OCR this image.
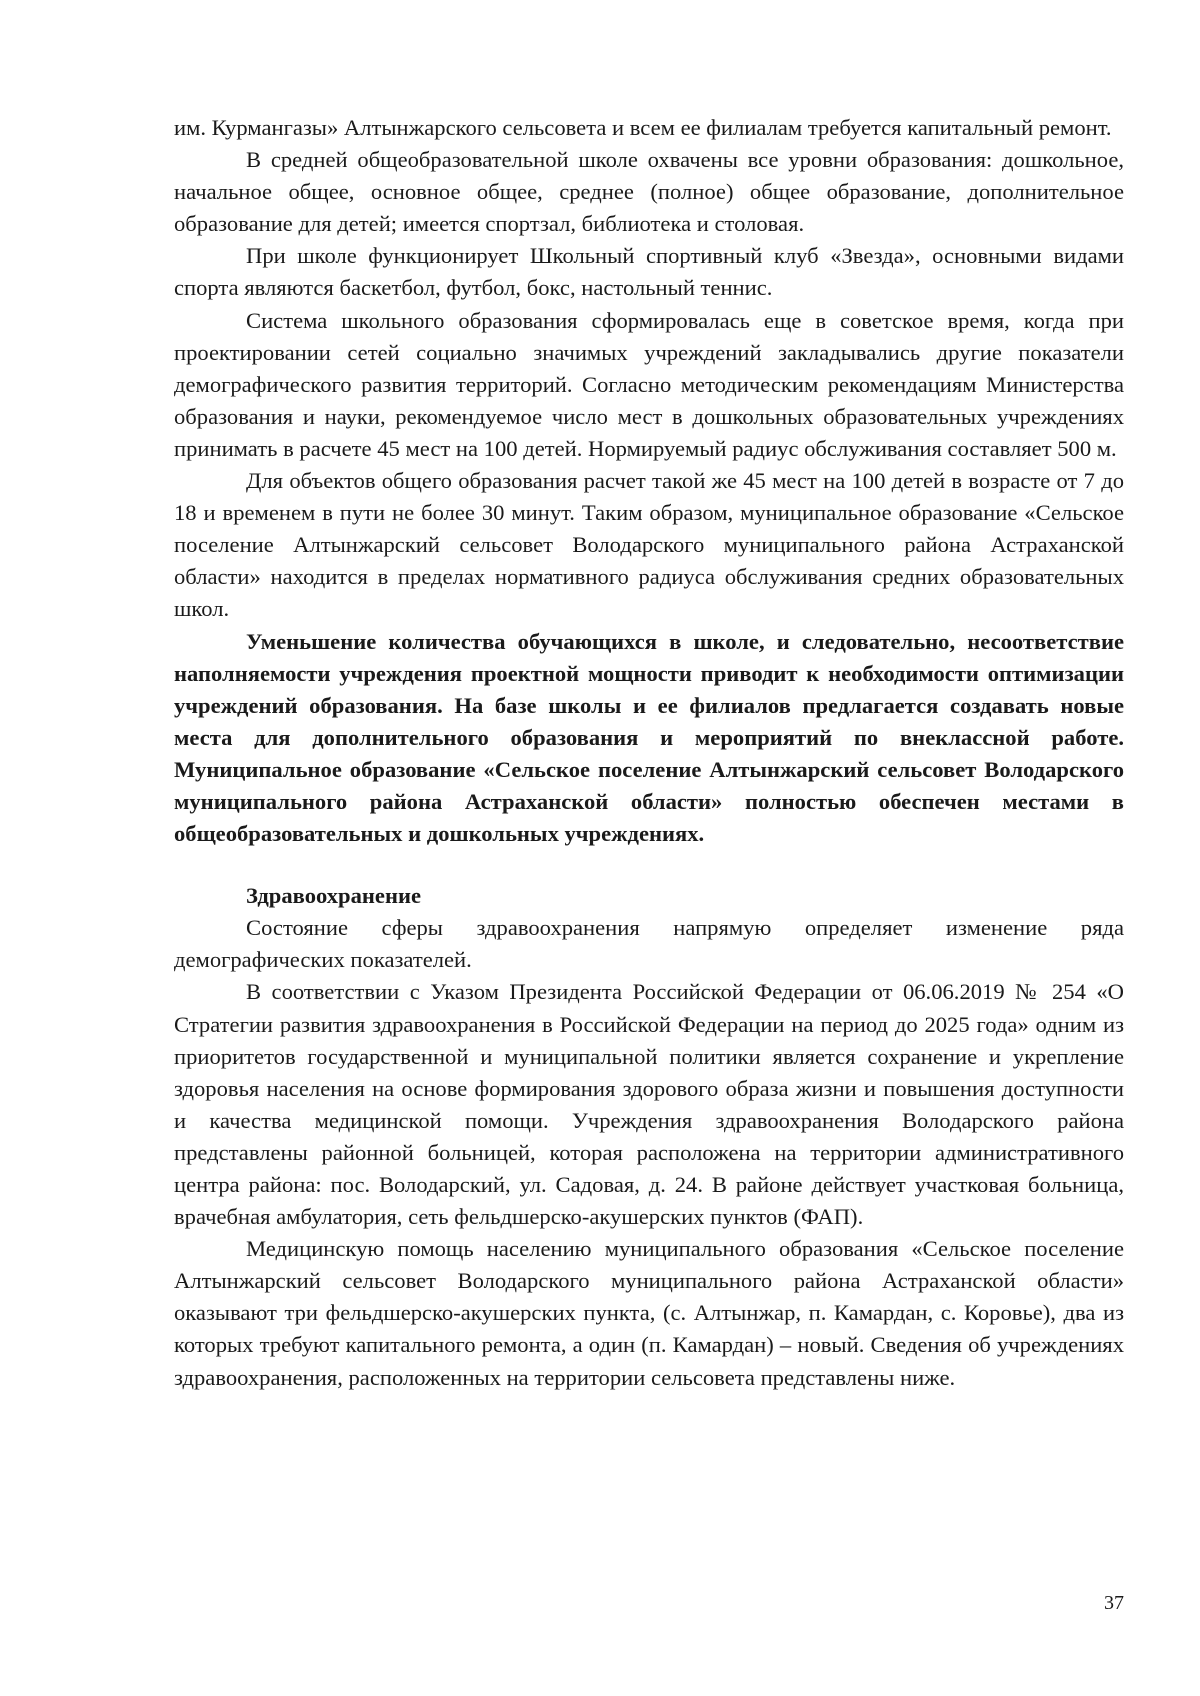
им. Курмангазы» Алтынжарского сельсовета и всем ее филиалам требуется капитальный ремонт.

В средней общеобразовательной школе охвачены все уровни образования: дошкольное, начальное общее, основное общее, среднее (полное) общее образование, дополнительное образование для детей; имеется спортзал, библиотека и столовая.

При школе функционирует Школьный спортивный клуб «Звезда», основными видами спорта являются баскетбол, футбол, бокс, настольный теннис.

Система школьного образования сформировалась еще в советское время, когда при проектировании сетей социально значимых учреждений закладывались другие показатели демографического развития территорий. Согласно методическим рекомендациям Министерства образования и науки, рекомендуемое число мест в дошкольных образовательных учреждениях принимать в расчете 45 мест на 100 детей. Нормируемый радиус обслуживания составляет 500 м.

Для объектов общего образования расчет такой же 45 мест на 100 детей в возрасте от 7 до 18 и временем в пути не более 30 минут. Таким образом, муниципальное образование «Сельское поселение Алтынжарский сельсовет Володарского муниципального района Астраханской области» находится в пределах нормативного радиуса обслуживания средних образовательных школ.

Уменьшение количества обучающихся в школе, и следовательно, несоответствие наполняемости учреждения проектной мощности приводит к необходимости оптимизации учреждений образования. На базе школы и ее филиалов предлагается создавать новые места для дополнительного образования и мероприятий по внеклассной работе. Муниципальное образование «Сельское поселение Алтынжарский сельсовет Володарского муниципального района Астраханской области» полностью обеспечен местами в общеобразовательных и дошкольных учреждениях.

Здравоохранение

Состояние сферы здравоохранения напрямую определяет изменение ряда демографических показателей.

В соответствии с Указом Президента Российской Федерации от 06.06.2019 № 254 «О Стратегии развития здравоохранения в Российской Федерации на период до 2025 года» одним из приоритетов государственной и муниципальной политики является сохранение и укрепление здоровья населения на основе формирования здорового образа жизни и повышения доступности и качества медицинской помощи. Учреждения здравоохранения Володарского района представлены районной больницей, которая расположена на территории административного центра района: пос. Володарский, ул. Садовая, д. 24. В районе действует участковая больница, врачебная амбулатория, сеть фельдшерско-акушерских пунктов (ФАП).

Медицинскую помощь населению муниципального образования «Сельское поселение Алтынжарский сельсовет Володарского муниципального района Астраханской области» оказывают три фельдшерско-акушерских пункта, (с. Алтынжар, п. Камардан, с. Коровье), два из которых требуют капитального ремонта, а один (п. Камардан) – новый. Сведения об учреждениях здравоохранения, расположенных на территории сельсовета представлены ниже.

37
